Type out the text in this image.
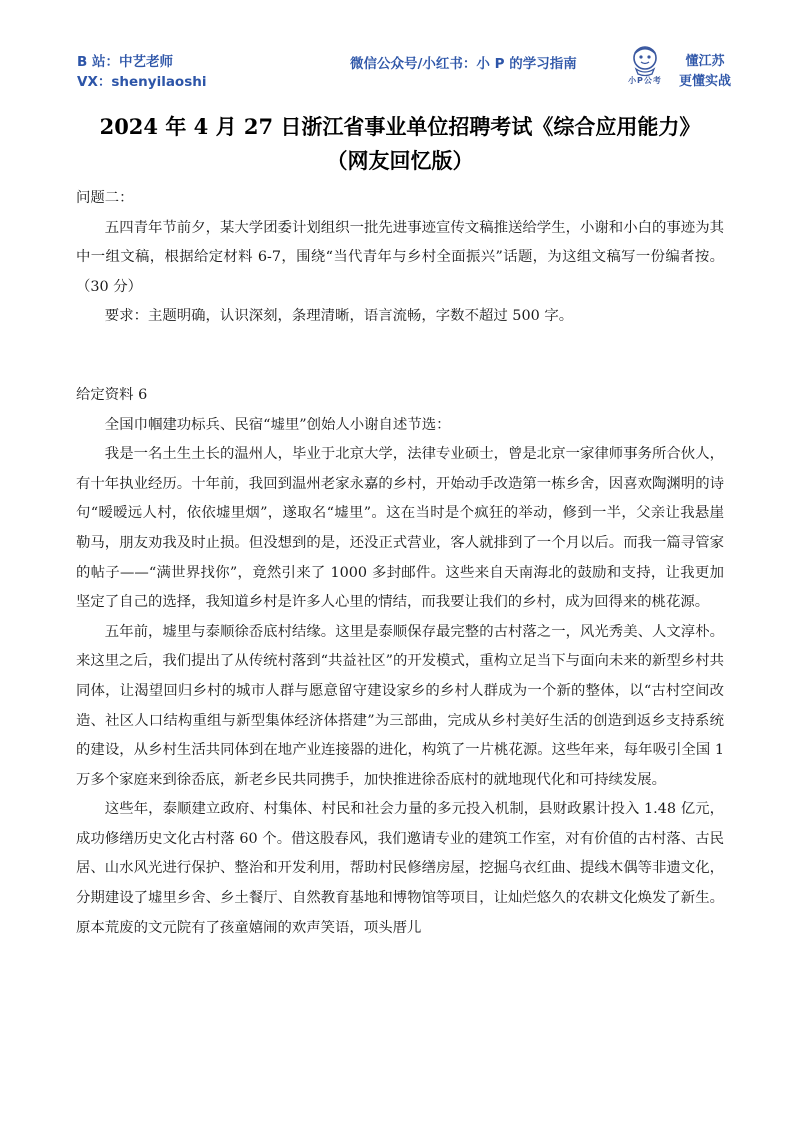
B 站：中艺老师
VX：shenyilaoshi
微信公众号/小红书：小 P 的学习指南
小P公考
懂江苏
更懂实战
2024 年 4 月 27 日浙江省事业单位招聘考试《综合应用能力》
（网友回忆版）

问题二：

五四青年节前夕，某大学团委计划组织一批先进事迹宣传文稿推送给学生，小谢和小白的事迹为其中一组文稿，根据给定材料 6-7，围绕“当代青年与乡村全面振兴”话题，为这组文稿写一份编者按。（30 分）

要求：主题明确，认识深刻，条理清晰，语言流畅，字数不超过 500 字。

给定资料 6

全国巾帼建功标兵、民宿“墟里”创始人小谢自述节选：

我是一名土生土长的温州人，毕业于北京大学，法律专业硕士，曾是北京一家律师事务所合伙人，有十年执业经历。十年前，我回到温州老家永嘉的乡村，开始动手改造第一栋乡舍，因喜欢陶渊明的诗句“暧暧远人村，依依墟里烟”，遂取名“墟里”。这在当时是个疯狂的举动，修到一半，父亲让我悬崖勒马，朋友劝我及时止损。但没想到的是，还没正式营业，客人就排到了一个月以后。而我一篇寻管家的帖子——“满世界找你”，竟然引来了 1000 多封邮件。这些来自天南海北的鼓励和支持，让我更加坚定了自己的选择，我知道乡村是许多人心里的情结，而我要让我们的乡村，成为回得来的桃花源。

五年前，墟里与泰顺徐岙底村结缘。这里是泰顺保存最完整的古村落之一，风光秀美、人文淳朴。来这里之后，我们提出了从传统村落到“共益社区”的开发模式，重构立足当下与面向未来的新型乡村共同体，让渴望回归乡村的城市人群与愿意留守建设家乡的乡村人群成为一个新的整体，以“古村空间改造、社区人口结构重组与新型集体经济体搭建”为三部曲，完成从乡村美好生活的创造到返乡支持系统的建设，从乡村生活共同体到在地产业连接器的进化，构筑了一片桃花源。这些年来，每年吸引全国 1 万多个家庭来到徐岙底，新老乡民共同携手，加快推进徐岙底村的就地现代化和可持续发展。

这些年，泰顺建立政府、村集体、村民和社会力量的多元投入机制，县财政累计投入 1.48 亿元，成功修缮历史文化古村落 60 个。借这股春风，我们邀请专业的建筑工作室，对有价值的古村落、古民居、山水风光进行保护、整治和开发利用，帮助村民修缮房屋，挖掘乌衣红曲、提线木偶等非遗文化，分期建设了墟里乡舍、乡土餐厅、自然教育基地和博物馆等项目，让灿烂悠久的农耕文化焕发了新生。原本荒废的文元院有了孩童嬉闹的欢声笑语，项头厝儿
